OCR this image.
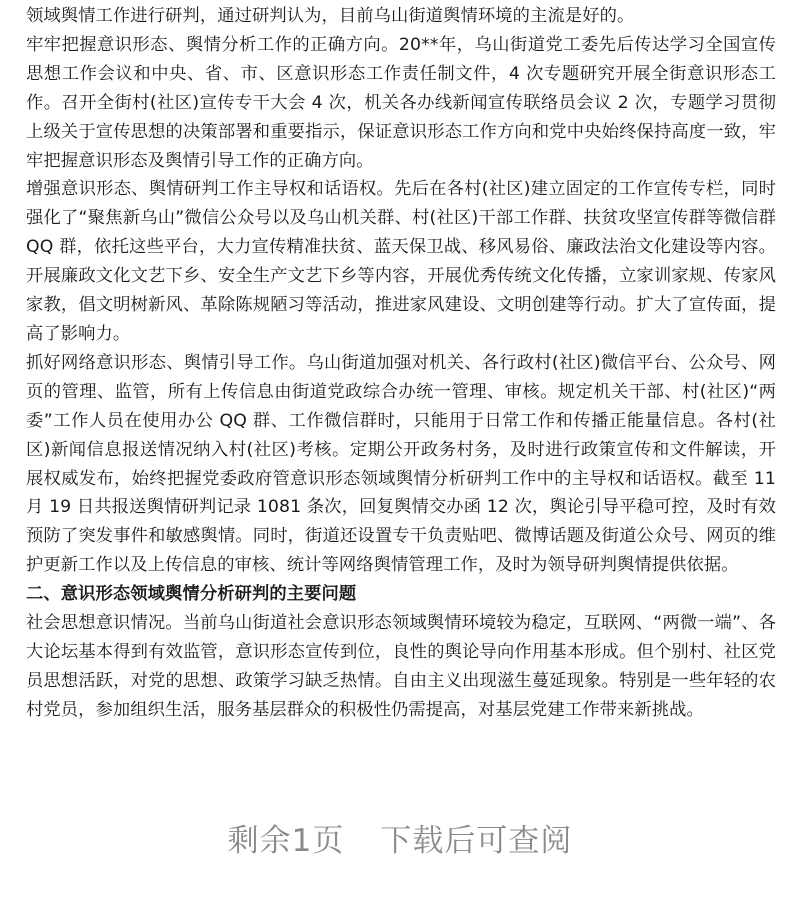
领域舆情工作进行研判，通过研判认为，目前乌山街道舆情环境的主流是好的。

牢牢把握意识形态、舆情分析工作的正确方向。20**年，乌山街道党工委先后传达学习全国宣传思想工作会议和中央、省、市、区意识形态工作责任制文件，4 次专题研究开展全街意识形态工作。召开全街村(社区)宣传专干大会 4 次，机关各办线新闻宣传联络员会议 2 次，专题学习贯彻上级关于宣传思想的决策部署和重要指示，保证意识形态工作方向和党中央始终保持高度一致，牢牢把握意识形态及舆情引导工作的正确方向。

增强意识形态、舆情研判工作主导权和话语权。先后在各村(社区)建立固定的工作宣传专栏，同时强化了“聚焦新乌山”微信公众号以及乌山机关群、村(社区)干部工作群、扶贫攻坚宣传群等微信群 QQ 群，依托这些平台，大力宣传精准扶贫、蓝天保卫战、移风易俗、廉政法治文化建设等内容。开展廉政文化文艺下乡、安全生产文艺下乡等内容，开展优秀传统文化传播，立家训家规、传家风家教，倡文明树新风、革除陈规陋习等活动，推进家风建设、文明创建等行动。扩大了宣传面，提高了影响力。

抓好网络意识形态、舆情引导工作。乌山街道加强对机关、各行政村(社区)微信平台、公众号、网页的管理、监管，所有上传信息由街道党政综合办统一管理、审核。规定机关干部、村(社区)“两委”工作人员在使用办公 QQ 群、工作微信群时，只能用于日常工作和传播正能量信息。各村(社区)新闻信息报送情况纳入村(社区)考核。定期公开政务村务，及时进行政策宣传和文件解读，开展权威发布，始终把握党委政府管意识形态领域舆情分析研判工作中的主导权和话语权。截至 11 月 19 日共报送舆情研判记录 1081 条次，回复舆情交办函 12 次，舆论引导平稳可控，及时有效预防了突发事件和敏感舆情。同时，街道还设置专干负责贴吧、微博话题及街道公众号、网页的维护更新工作以及上传信息的审核、统计等网络舆情管理工作，及时为领导研判舆情提供依据。

二、意识形态领域舆情分析研判的主要问题

社会思想意识情况。当前乌山街道社会意识形态领域舆情环境较为稳定，互联网、“两微一端”、各大论坛基本得到有效监管，意识形态宣传到位，良性的舆论导向作用基本形成。但个别村、社区党员思想活跃，对党的思想、政策学习缺乏热情。自由主义出现滋生蔓延现象。特别是一些年轻的农村党员，参加组织生活，服务基层群众的积极性仍需提高，对基层党建工作带来新挑战。

剩余1页 下载后可查阅
